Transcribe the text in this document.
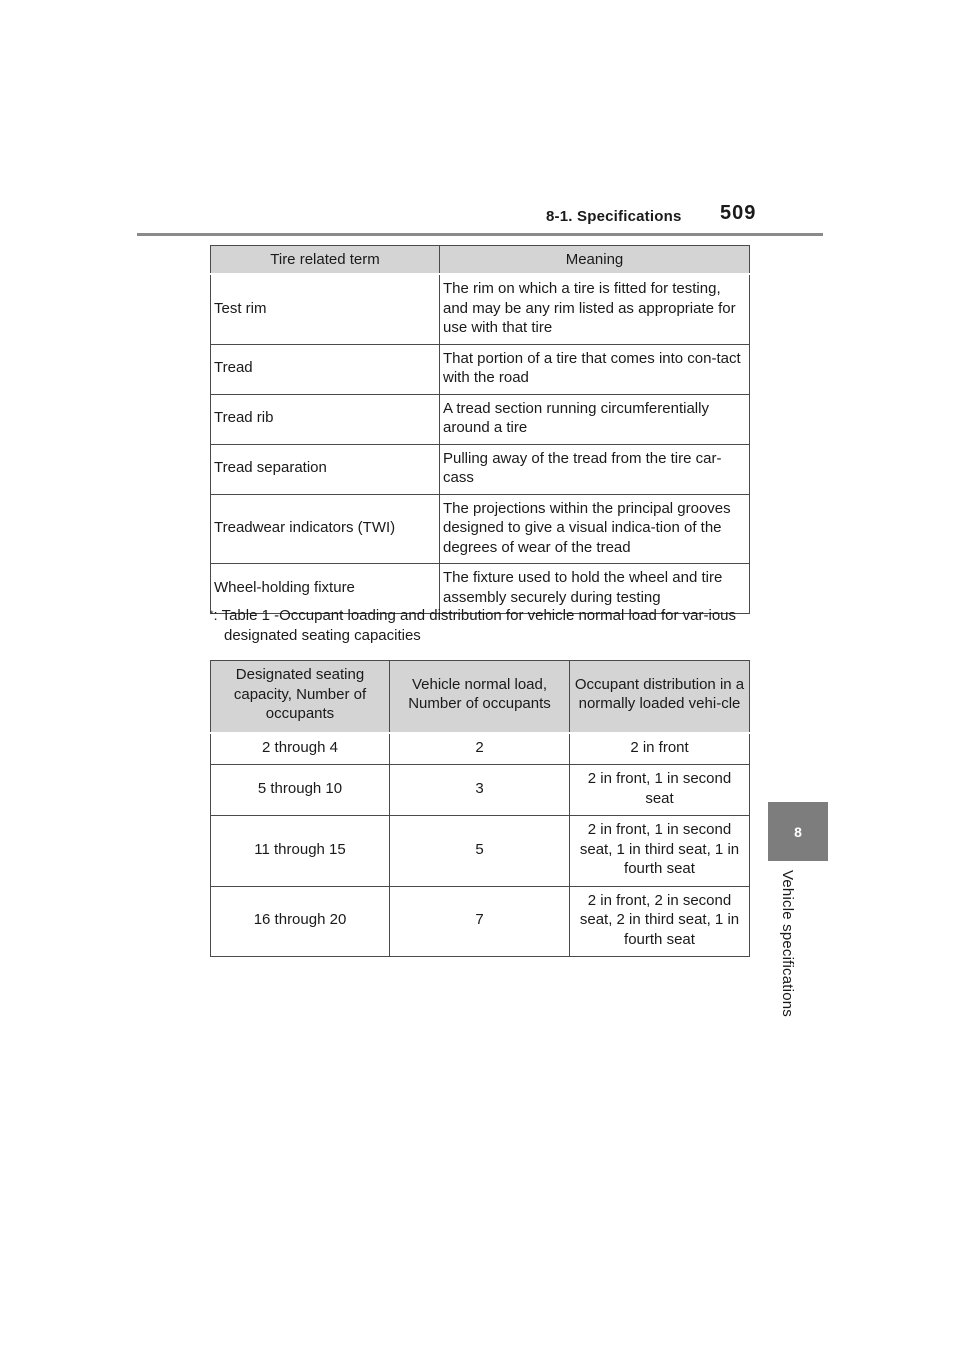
8-1. Specifications 509
8
Vehicle specifications
Tire related term	Meaning
Test rim	The rim on which a tire is fitted for testing, and may be any rim listed as appropriate for use with that tire
Tread	That portion of a tire that comes into con-tact with the road
Tread rib	A tread section running circumferentially around a tire
Tread separation	Pulling away of the tread from the tire car-cass
Treadwear indicators (TWI)	The projections within the principal grooves designed to give a visual indica-tion of the degrees of wear of the tread
Wheel-holding fixture	The fixture used to hold the wheel and tire assembly securely during testing
*: Table 1 -Occupant loading and distribution for vehicle normal load for var-ious designated seating capacities
Designated seating capacity, Number of occupants	Vehicle normal load, Number of occupants	Occupant distribution in a normally loaded vehi-cle
2 through 4	2	2 in front
5 through 10	3	2 in front, 1 in second seat
11 through 15	5	2 in front, 1 in second seat, 1 in third seat, 1 in fourth seat
16 through 20	7	2 in front, 2 in second seat, 2 in third seat, 1 in fourth seat
